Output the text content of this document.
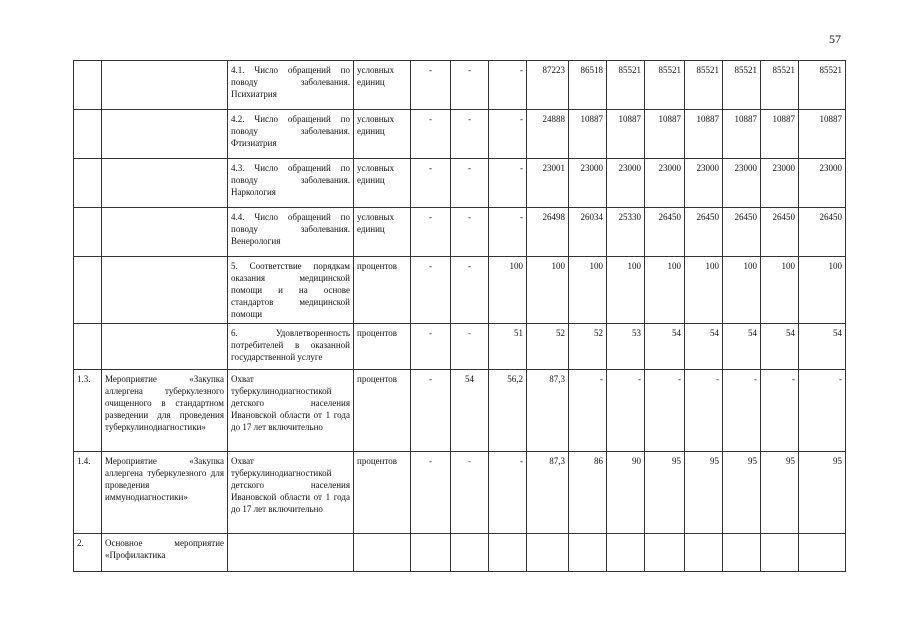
57
		4.1. Число обращений по поводу заболевания. Психиатрия	условных единиц	-	-	-	87223	86518	85521	85521	85521	85521	85521	85521
		4.2. Число обращений по поводу заболевания. Фтизиатрия	условных единиц	-	-	-	24888	10887	10887	10887	10887	10887	10887	10887
		4.3. Число обращений по поводу заболевания. Наркология	условных единиц	-	-	-	23001	23000	23000	23000	23000	23000	23000	23000
		4.4. Число обращений по поводу заболевания. Венерология	условных единиц	-	-	-	26498	26034	25330	26450	26450	26450	26450	26450
		5. Соответствие порядкам оказания медицинской помощи и на основе стандартов медицинской помощи	процентов	-	-	100	100	100	100	100	100	100	100	100
		6. Удовлетворенность потребителей в оказанной государственной услуге	процентов	-	-	51	52	52	53	54	54	54	54	54
1.3.	Мероприятие «Закупка аллергена туберкулезного очищенного в стандартном разведении для проведения туберкулинодиагностики»	Охват туберкулинодиагностикой детского населения Ивановской области от 1 года до 17 лет включительно	процентов	-	54	56,2	87,3	-	-	-	-	-	-	-
1.4.	Мероприятие «Закупка аллергена туберкулезного для проведения иммунодиагностики»	Охват туберкулинодиагностикой детского населения Ивановской области от 1 года до 17 лет включительно	процентов	-	-	-	87,3	86	90	95	95	95	95	95
2.	Основное мероприятие «Профилактика													
